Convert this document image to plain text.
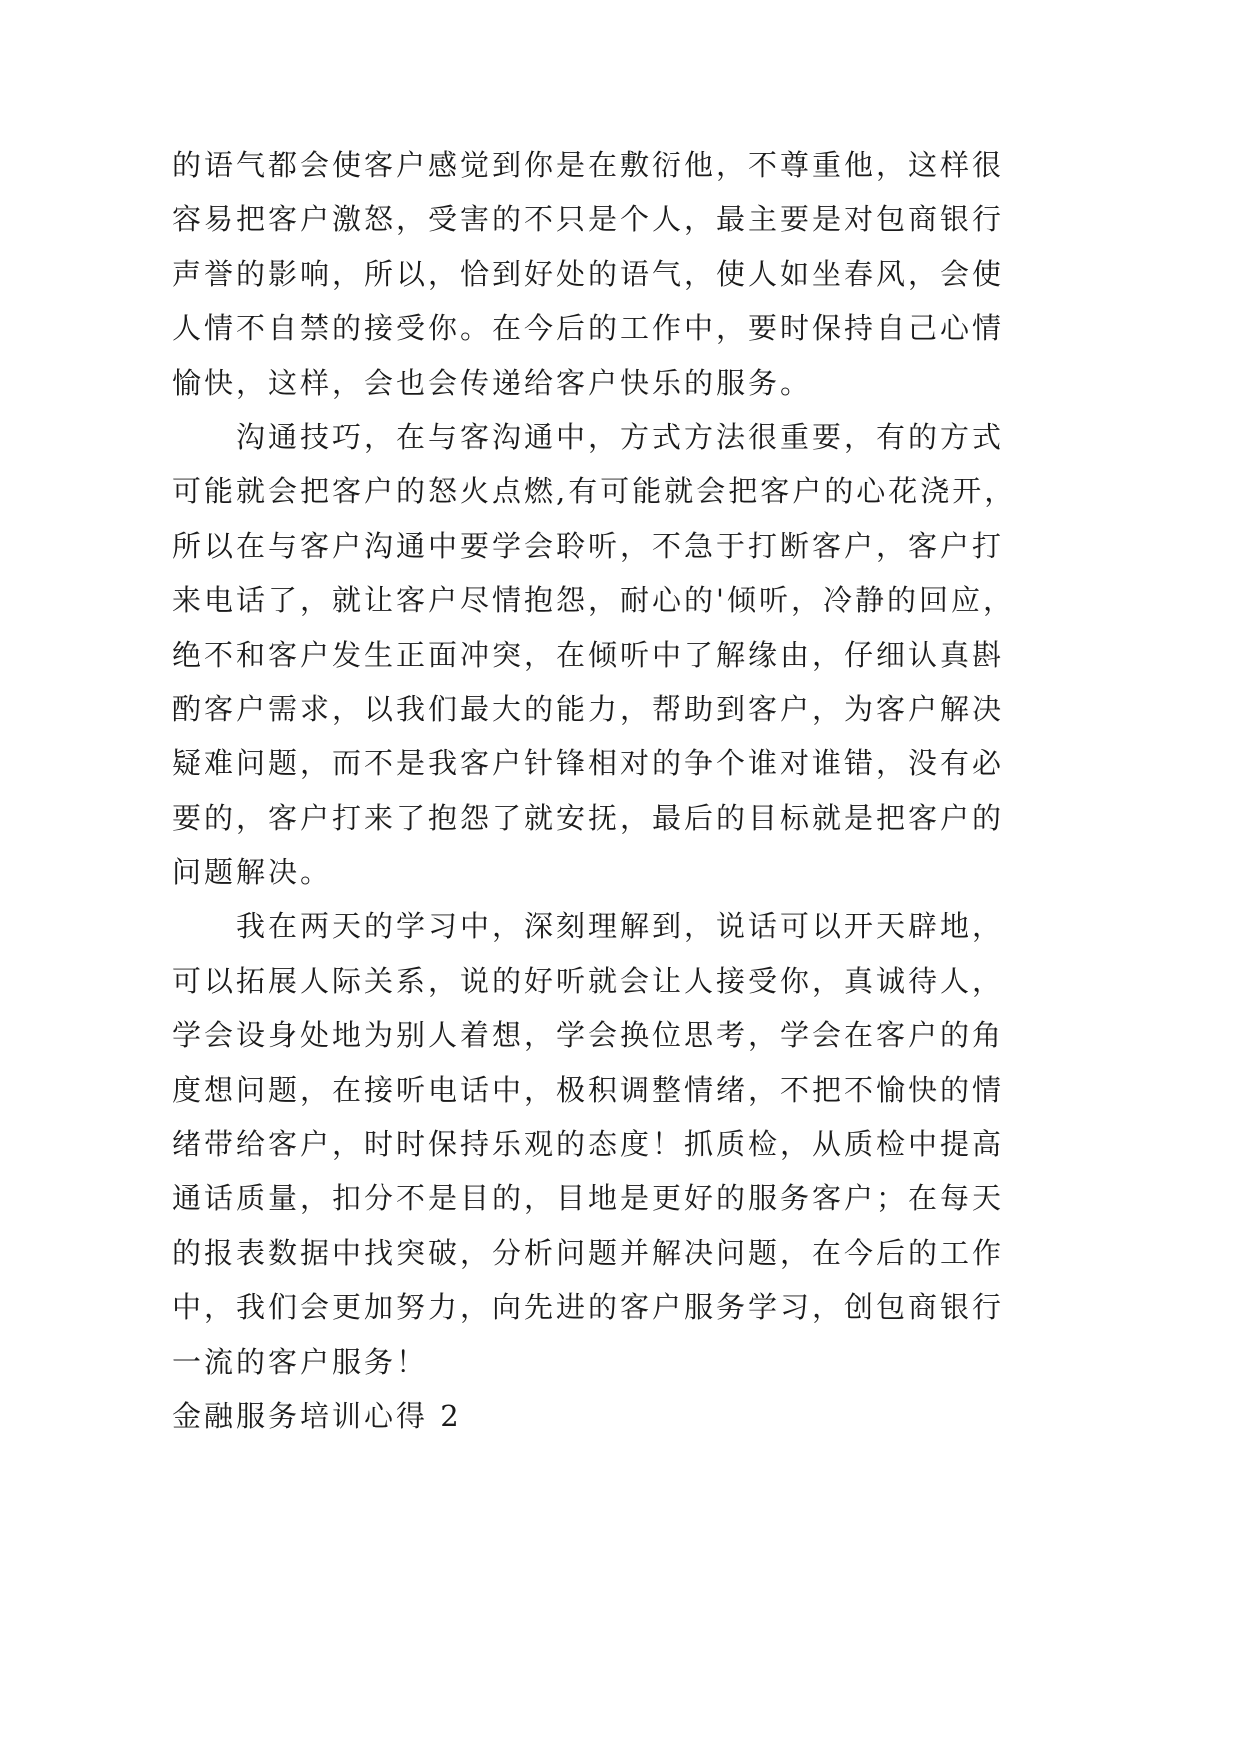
的语气都会使客户感觉到你是在敷衍他，不尊重他，这样很
容易把客户激怒，受害的不只是个人，最主要是对包商银行
声誉的影响，所以，恰到好处的语气，使人如坐春风，会使
人情不自禁的接受你。在今后的工作中，要时保持自己心情
愉快，这样，会也会传递给客户快乐的服务。
沟通技巧，在与客沟通中，方式方法很重要，有的方式
可能就会把客户的怒火点燃,有可能就会把客户的心花浇开，
所以在与客户沟通中要学会聆听，不急于打断客户，客户打
来电话了，就让客户尽情抱怨，耐心的'倾听，冷静的回应，
绝不和客户发生正面冲突，在倾听中了解缘由，仔细认真斟
酌客户需求，以我们最大的能力，帮助到客户，为客户解决
疑难问题，而不是我客户针锋相对的争个谁对谁错，没有必
要的，客户打来了抱怨了就安抚，最后的目标就是把客户的
问题解决。
我在两天的学习中，深刻理解到，说话可以开天辟地，
可以拓展人际关系，说的好听就会让人接受你，真诚待人，
学会设身处地为别人着想，学会换位思考，学会在客户的角
度想问题，在接听电话中，极积调整情绪，不把不愉快的情
绪带给客户，时时保持乐观的态度！抓质检，从质检中提高
通话质量，扣分不是目的，目地是更好的服务客户；在每天
的报表数据中找突破，分析问题并解决问题，在今后的工作
中，我们会更加努力，向先进的客户服务学习，创包商银行
一流的客户服务！
金融服务培训心得 2
